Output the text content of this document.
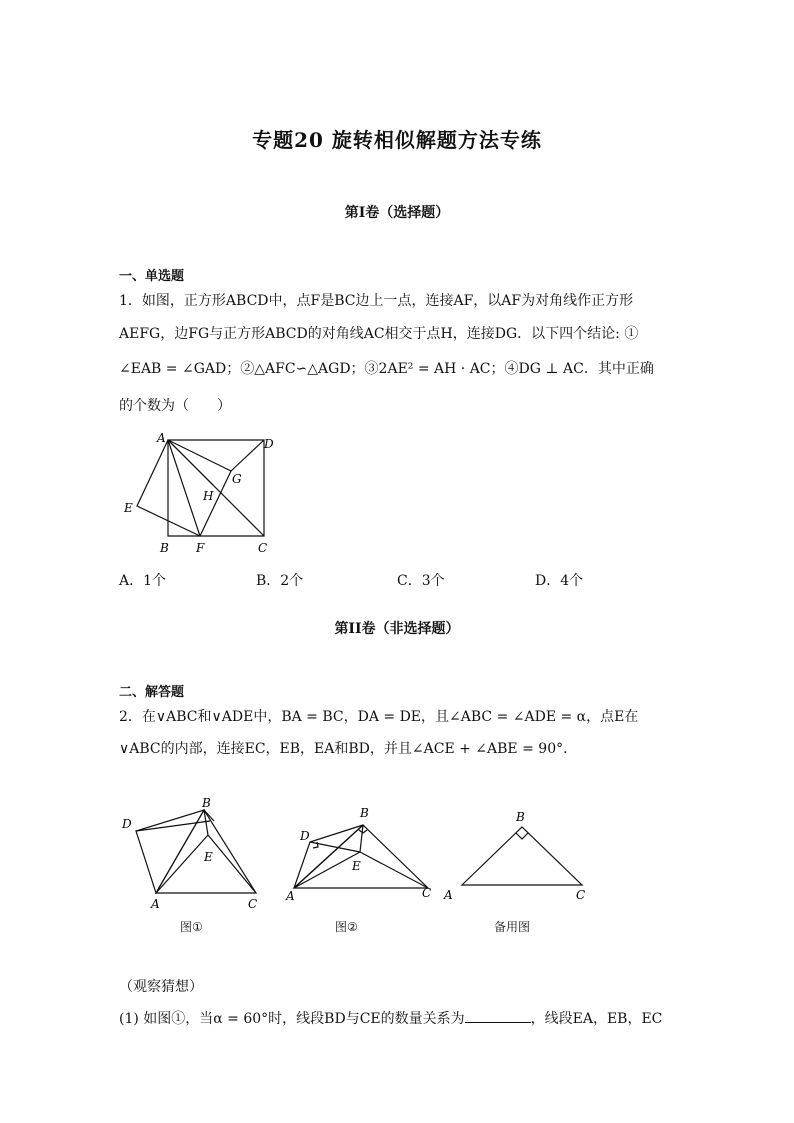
专题20 旋转相似解题方法专练
第I卷（选择题）
一、单选题
1．如图，正方形ABCD中，点F是BC边上一点，连接AF，以AF为对角线作正方形
AEFG，边FG与正方形ABCD的对角线AC相交于点H，连接DG．以下四个结论: ①
∠EAB = ∠GAD；②△AFC∽△AGD；③2AE² = AH · AC；④DG ⊥ AC．其中正确
的个数为（　　）
A	D
E
G
H
B F	C
A．1个	B．2个	C．3个	D．4个
第II卷（非选择题）
二、解答题
2．在∨ABC和∨ADE中，BA = BC，DA = DE，且∠ABC = ∠ADE = α，点E在
∨ABC的内部，连接EC，EB，EA和BD，并且∠ACE + ∠ABE = 90°．
B
D
E
A	C
B
D
E
A	C
B
A	C
图①	图②	备用图
（观察猜想）
(1) 如图①，当α = 60°时，线段BD与CE的数量关系为	，线段EA，EB，EC
